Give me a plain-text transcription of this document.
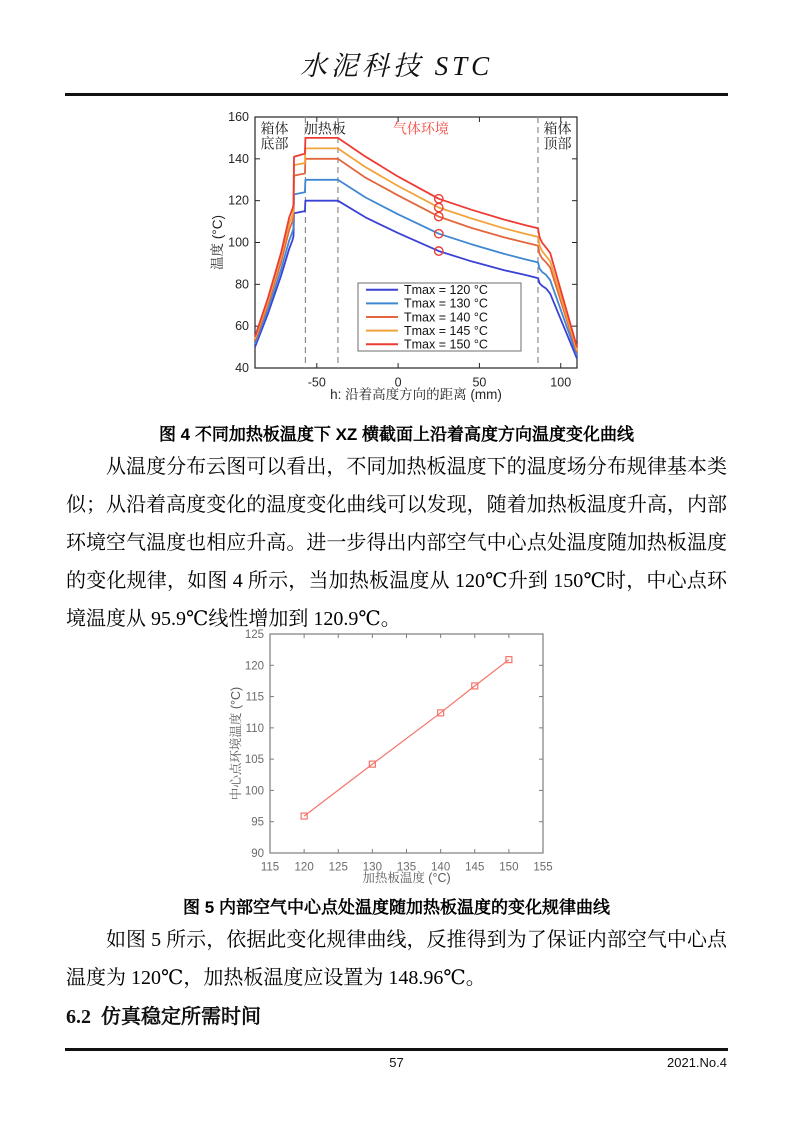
水泥科技 STC
-50	0	50	100
40
60
80
100
120
140
160
箱体
底部
加热板	气体环境	箱体
顶部
h: 沿着高度方向的距离 (mm)
温度 (°C)
Tmax = 120 °C
Tmax = 130 °C
Tmax = 140 °C
Tmax = 145 °C
Tmax = 150 °C
图 4 不同加热板温度下 XZ 横截面上沿着高度方向温度变化曲线

从温度分布云图可以看出，不同加热板温度下的温度场分布规律基本类似；从沿着高度变化的温度变化曲线可以发现，随着加热板温度升高，内部环境空气温度也相应升高。进一步得出内部空气中心点处温度随加热板温度的变化规律，如图 4 所示，当加热板温度从 120℃升到 150℃时，中心点环境温度从 95.9℃线性增加到 120.9℃。

115 120 125 130 135 140 145 150 155
90
95
100
105
110
115
120
125
加热板温度 (°C)
中心点环境温度 (°C)
图 5 内部空气中心点处温度随加热板温度的变化规律曲线

如图 5 所示，依据此变化规律曲线，反推得到为了保证内部空气中心点温度为 120℃，加热板温度应设置为 148.96℃。

6.2 仿真稳定所需时间
57	2021.No.4
